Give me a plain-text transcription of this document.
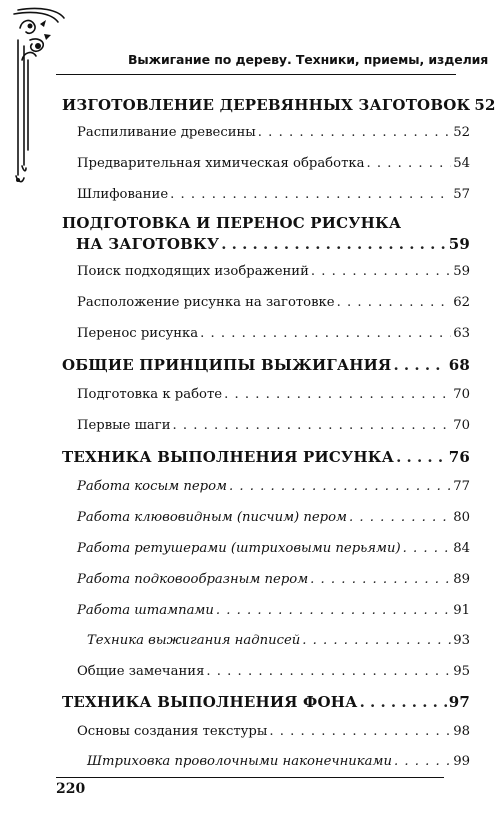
Выжигание по дереву. Техники, приемы, изделия
ИЗГОТОВЛЕНИЕ ДЕРЕВЯННЫХ ЗАГОТОВОК 52
Распиливание древесины . . .	52
Предварительная химическая обработка . . .	54
Шлифование . . .	57
ПОДГОТОВКА И ПЕРЕНОС РИСУНКА
НА ЗАГОТОВКУ . . .	59
Поиск подходящих изображений . . .	59
Расположение рисунка на заготовке . . .	62
Перенос рисунка . . .	63
ОБЩИЕ ПРИНЦИПЫ ВЫЖИГАНИЯ . . .	68
Подготовка к работе . . .	70
Первые шаги . . .	70
ТЕХНИКА ВЫПОЛНЕНИЯ РИСУНКА . . .	76
Работа косым пером . . .	77
Работа клювовидным (писчим) пером . . .	80
Работа ретушерами (штриховыми перьями) . . .	84
Работа подковообразным пером . . .	89
Работа штампами . . .	91
Техника выжигания надписей . . .	93
Общие замечания . . .	95
ТЕХНИКА ВЫПОЛНЕНИЯ ФОНА . . .	97
Основы создания текстуры . . .	98
Штриховка проволочными наконечниками . . .	99
220
